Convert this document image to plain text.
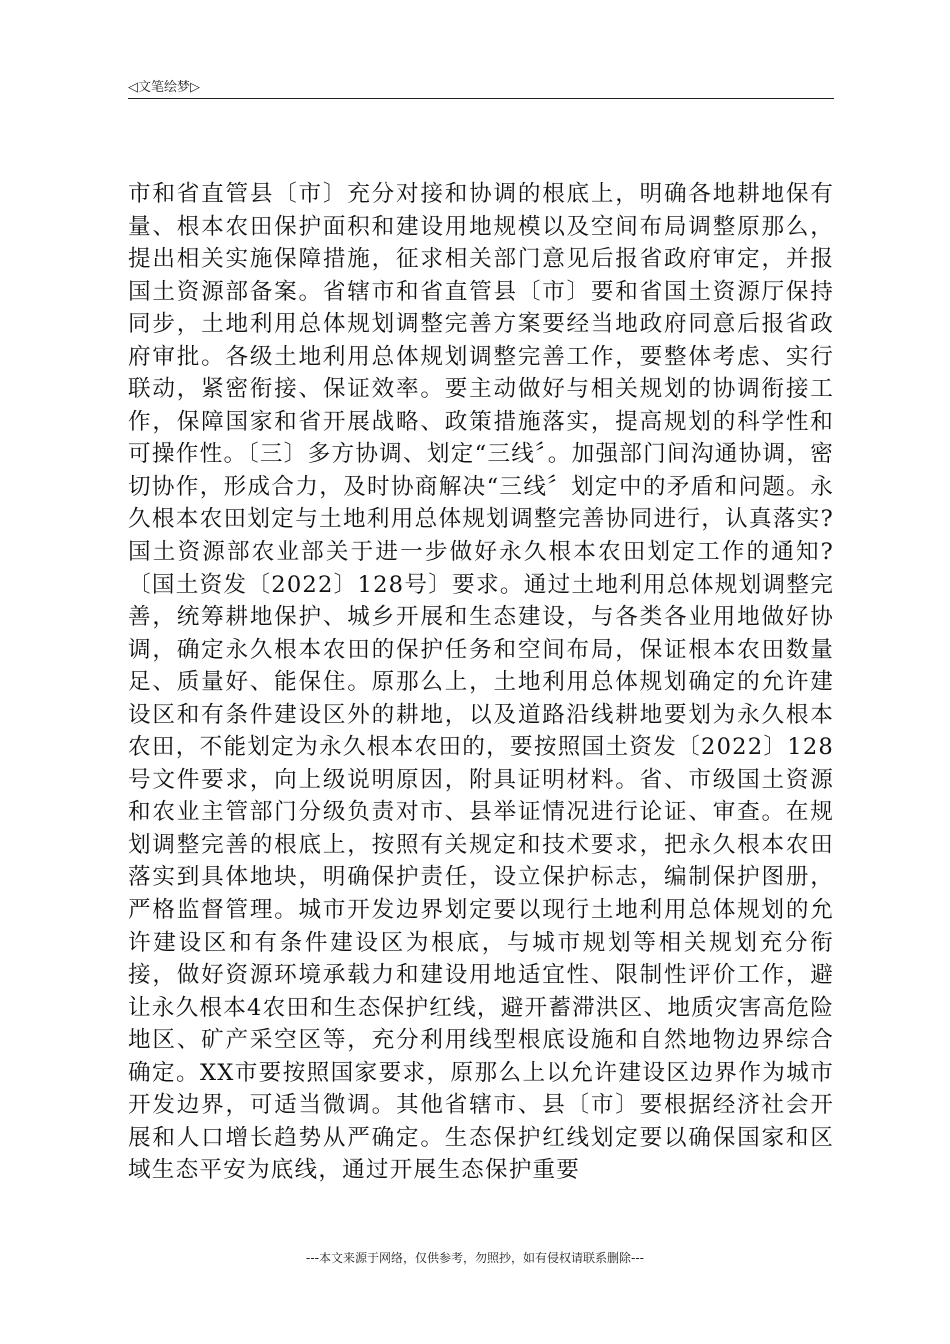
◁文笔绘梦▷

市和省直管县〔市〕充分对接和协调的根底上，明确各地耕地保有量、根本农田保护面积和建设用地规模以及空间布局调整原那么，提出相关实施保障措施，征求相关部门意见后报省政府审定，并报国土资源部备案。省辖市和省直管县〔市〕要和省国土资源厅保持同步，土地利用总体规划调整完善方案要经当地政府同意后报省政府审批。各级土地利用总体规划调整完善工作，要整体考虑、实行联动，紧密衔接、保证效率。要主动做好与相关规划的协调衔接工作，保障国家和省开展战略、政策措施落实，提高规划的科学性和可操作性。〔三〕多方协调、划定“三线〞。加强部门间沟通协调，密切协作，形成合力，及时协商解决“三线〞划定中的矛盾和问题。永久根本农田划定与土地利用总体规划调整完善协同进行，认真落实?国土资源部农业部关于进一步做好永久根本农田划定工作的通知?〔国土资发〔2022〕128号〕要求。通过土地利用总体规划调整完善，统筹耕地保护、城乡开展和生态建设，与各类各业用地做好协调，确定永久根本农田的保护任务和空间布局，保证根本农田数量足、质量好、能保住。原那么上，土地利用总体规划确定的允许建设区和有条件建设区外的耕地，以及道路沿线耕地要划为永久根本农田，不能划定为永久根本农田的，要按照国土资发〔2022〕128号文件要求，向上级说明原因，附具证明材料。省、市级国土资源和农业主管部门分级负责对市、县举证情况进行论证、审查。在规划调整完善的根底上，按照有关规定和技术要求，把永久根本农田落实到具体地块，明确保护责任，设立保护标志，编制保护图册，严格监督管理。城市开发边界划定要以现行土地利用总体规划的允许建设区和有条件建设区为根底，与城市规划等相关规划充分衔接，做好资源环境承载力和建设用地适宜性、限制性评价工作，避让永久根本4农田和生态保护红线，避开蓄滞洪区、地质灾害高危险地区、矿产采空区等，充分利用线型根底设施和自然地物边界综合确定。XX市要按照国家要求，原那么上以允许建设区边界作为城市开发边界，可适当微调。其他省辖市、县〔市〕要根据经济社会开展和人口增长趋势从严确定。生态保护红线划定要以确保国家和区域生态平安为底线，通过开展生态保护重要

---本文来源于网络，仅供参考，勿照抄，如有侵权请联系删除---
